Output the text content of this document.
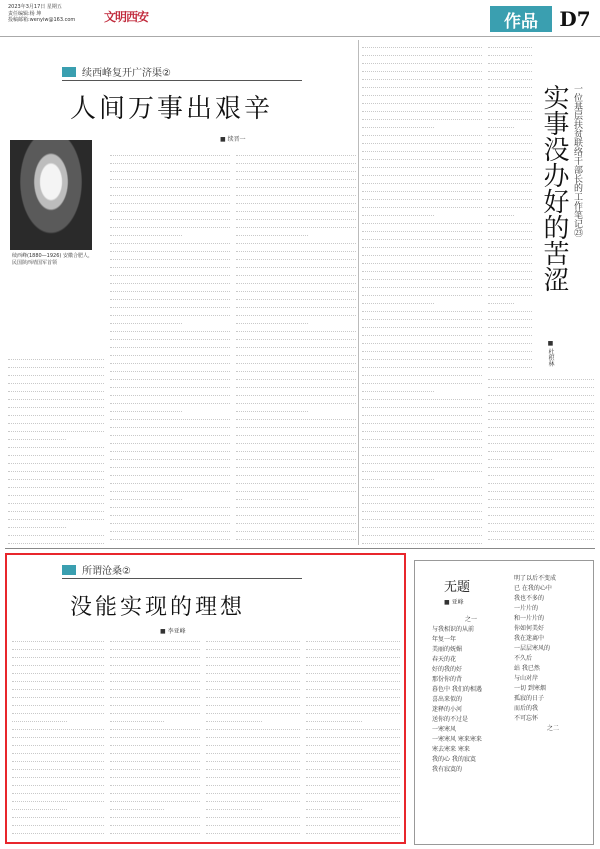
2023年3月17日 星期五
责任编辑:杨 坤
投稿邮箱:wenyiw@163.com	文明西安	作品	D7
续西峰复开广济渠②
人间万事出艰辛
■ 续晋一
续西峰(1880—1926) 安徽合肥人，民国陕西靖国军首领
一位基层扶贫联络干部长的工作笔记㉓
实事没办好的苦涩
■ 杜积林
所谓沧桑②
没能实现的理想
■ 李亚峰
无题
■ 亚峰
之一
与我相识的从前
年复一年
美丽的妩媚
春天的花
好的我的好
那份你的背
暮色中 我们的相遇
喜出来似的
迷释的小河
送你的不过是
一寒寒风
一寒寒风 寒来寒来
寒去寒来 寒来
我的心 我的寂寞
我有寂寞的
明了以后不变成
已 在我的心中
我也不多的
一片片的
和一片片的
你如何美好
我在迷离中
一层层寒风的
不久后
站 我已然
与山对岸
一切 到寒烟
孤寂的日子
而后的我
不可忘怀
之二
